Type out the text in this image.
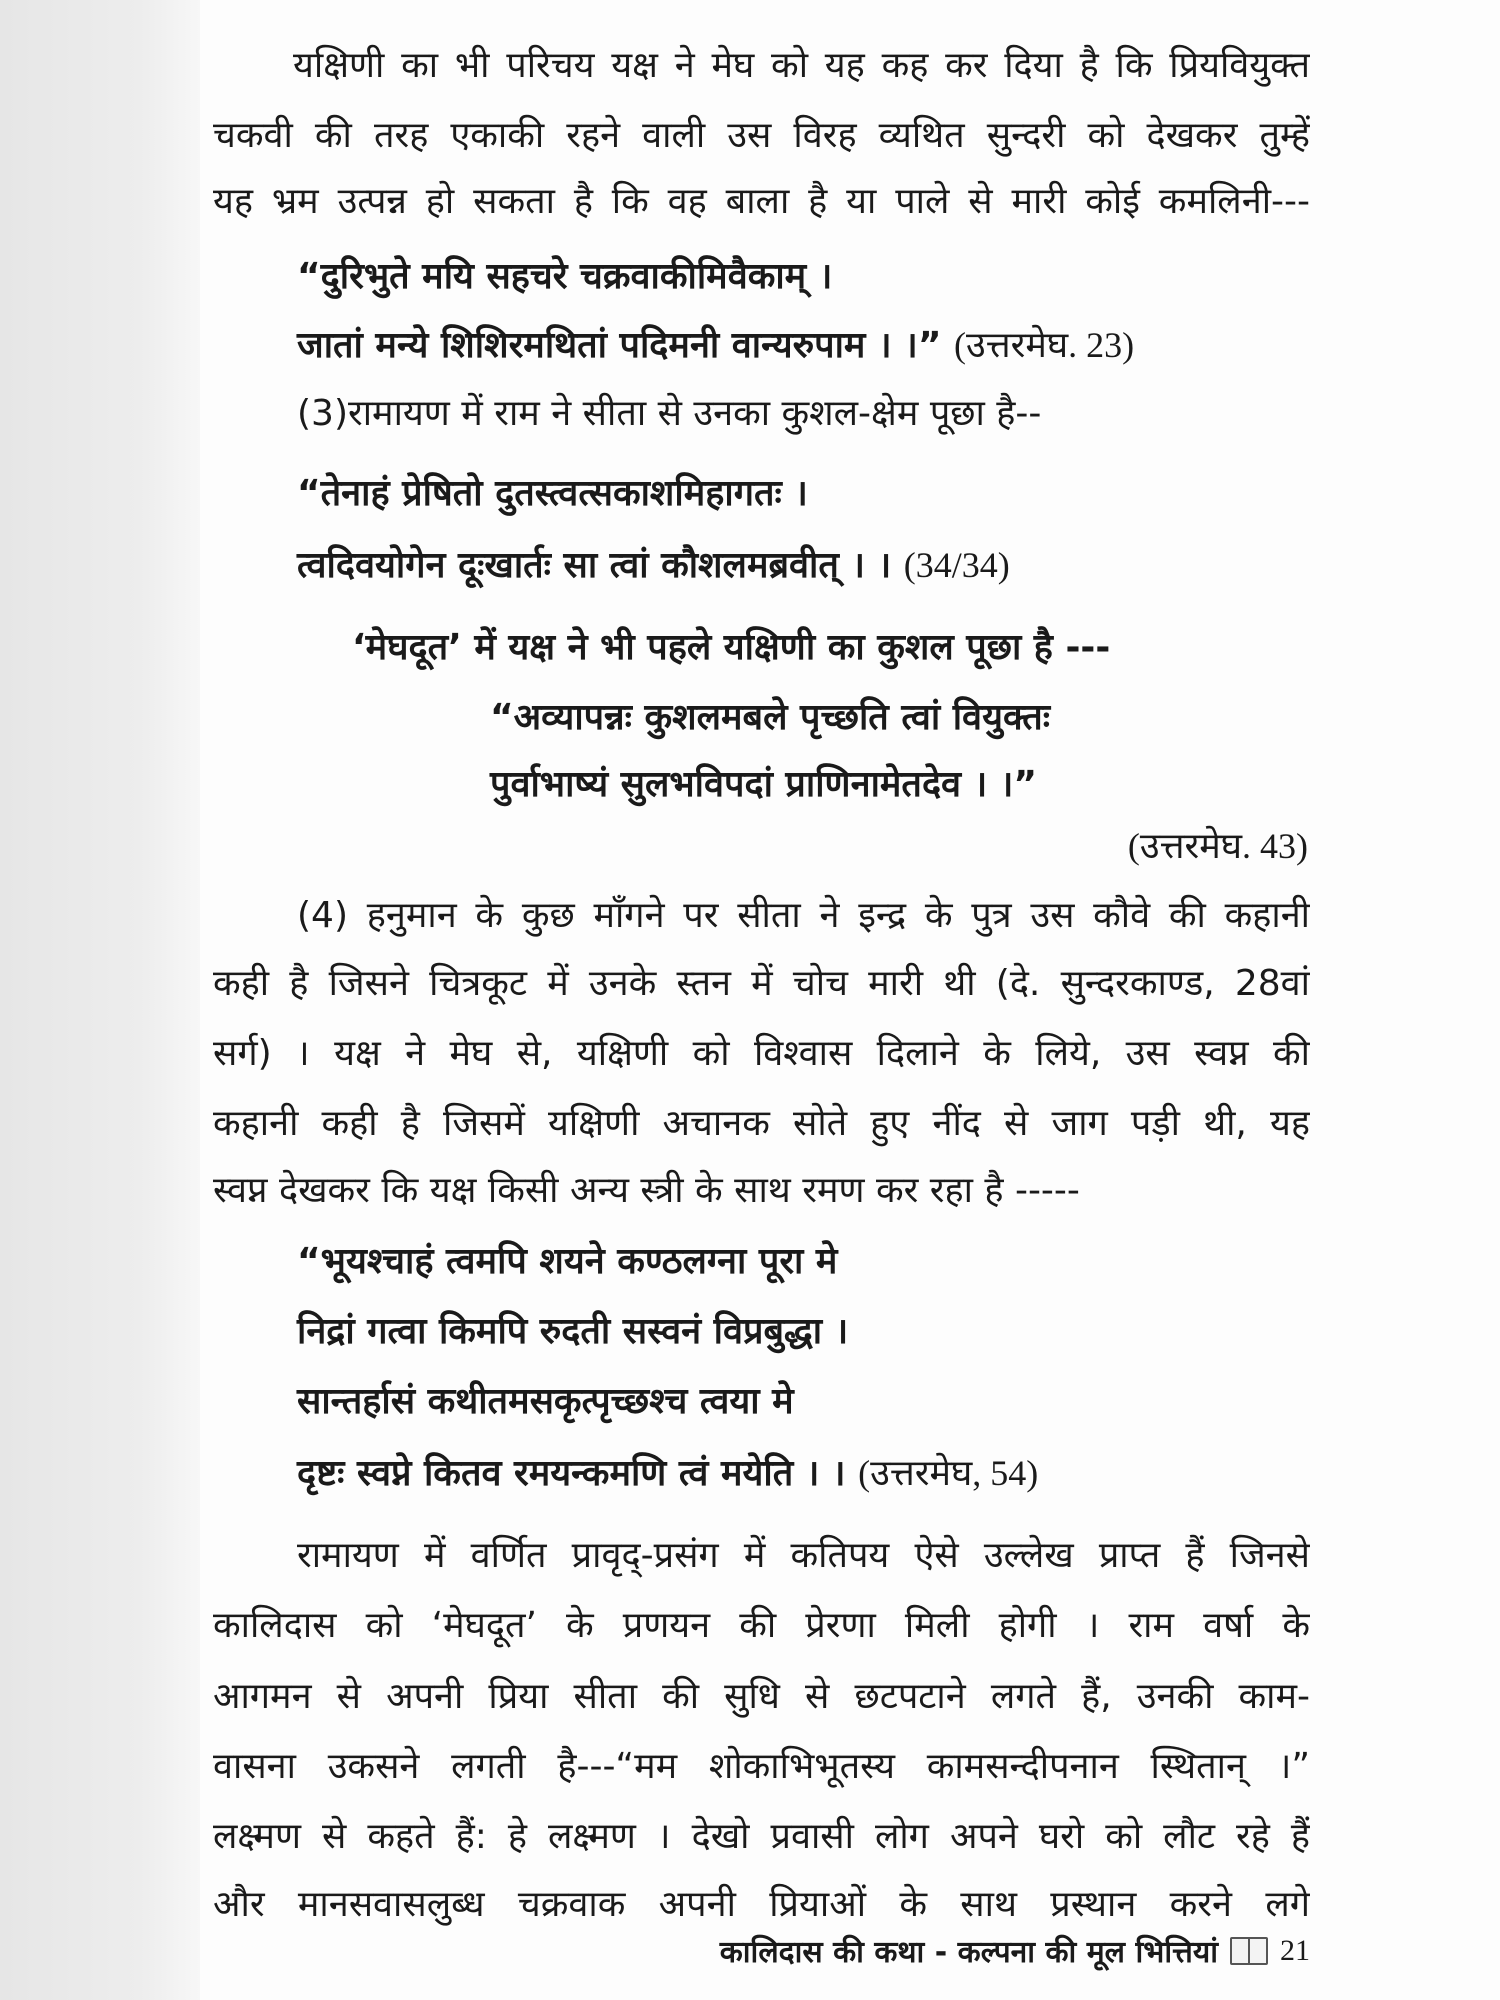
यक्षिणी का भी परिचय यक्ष ने मेघ को यह कह कर दिया है कि प्रियवियुक्त
चकवी की तरह एकाकी रहने वाली उस विरह व्यथित सुन्दरी को देखकर तुम्हें
यह भ्रम उत्पन्न हो सकता है कि वह बाला है या पाले से मारी कोई कमलिनी---
“दुरिभुते मयि सहचरे चक्रवाकीमिवैकाम् ।
जातां मन्ये शिशिरमथितां पदिमनी वान्यरुपाम । ।” (उत्तरमेघ. 23)
(3)रामायण में राम ने सीता से उनका कुशल-क्षेम पूछा है--
“तेनाहं प्रेषितो दुतस्त्वत्सकाशमिहागतः ।
त्वदिवयोगेन दूःखार्तः सा त्वां कौशलमब्रवीत् । । (34/34)
‘मेघदूत’ में यक्ष ने भी पहले यक्षिणी का कुशल पूछा है ---
“अव्यापन्नः कुशलमबले पृच्छति त्वां वियुक्तः
पुर्वाभाष्यं सुलभविपदां प्राणिनामेतदेव । ।”
(उत्तरमेघ. 43)
(4) हनुमान के कुछ माँगने पर सीता ने इन्द्र के पुत्र उस कौवे की कहानी
कही है जिसने चित्रकूट में उनके स्तन में चोच मारी थी (दे. सुन्दरकाण्ड, 28वां
सर्ग) । यक्ष ने मेघ से, यक्षिणी को विश्वास दिलाने के लिये, उस स्वप्न की
कहानी कही है जिसमें यक्षिणी अचानक सोते हुए नींद से जाग पड़ी थी, यह
स्वप्न देखकर कि यक्ष किसी अन्य स्त्री के साथ रमण कर रहा है -----
“भूयश्चाहं त्वमपि शयने कण्ठलग्ना पूरा मे
निद्रां गत्वा किमपि रुदती सस्वनं विप्रबुद्धा ।
सान्तर्हासं कथीतमसकृत्पृच्छश्च त्वया मे
दृष्टः स्वप्ने कितव रमयन्कमणि त्वं मयेति । । (उत्तरमेघ, 54)
रामायण में वर्णित प्रावृद्-प्रसंग में कतिपय ऐसे उल्लेख प्राप्त हैं जिनसे
कालिदास को ‘मेघदूत’ के प्रणयन की प्रेरणा मिली होगी । राम वर्षा के
आगमन से अपनी प्रिया सीता की सुधि से छटपटाने लगते हैं, उनकी काम-
वासना उकसने लगती है---“मम शोकाभिभूतस्य कामसन्दीपनान स्थितान् ।”
लक्ष्मण से कहते हैं: हे लक्ष्मण । देखो प्रवासी लोग अपने घरो को लौट रहे हैं
और मानसवासलुब्ध चक्रवाक अपनी प्रियाओं के साथ प्रस्थान करने लगे
कालिदास की कथा - कल्पना की मूल भित्तियां 21
